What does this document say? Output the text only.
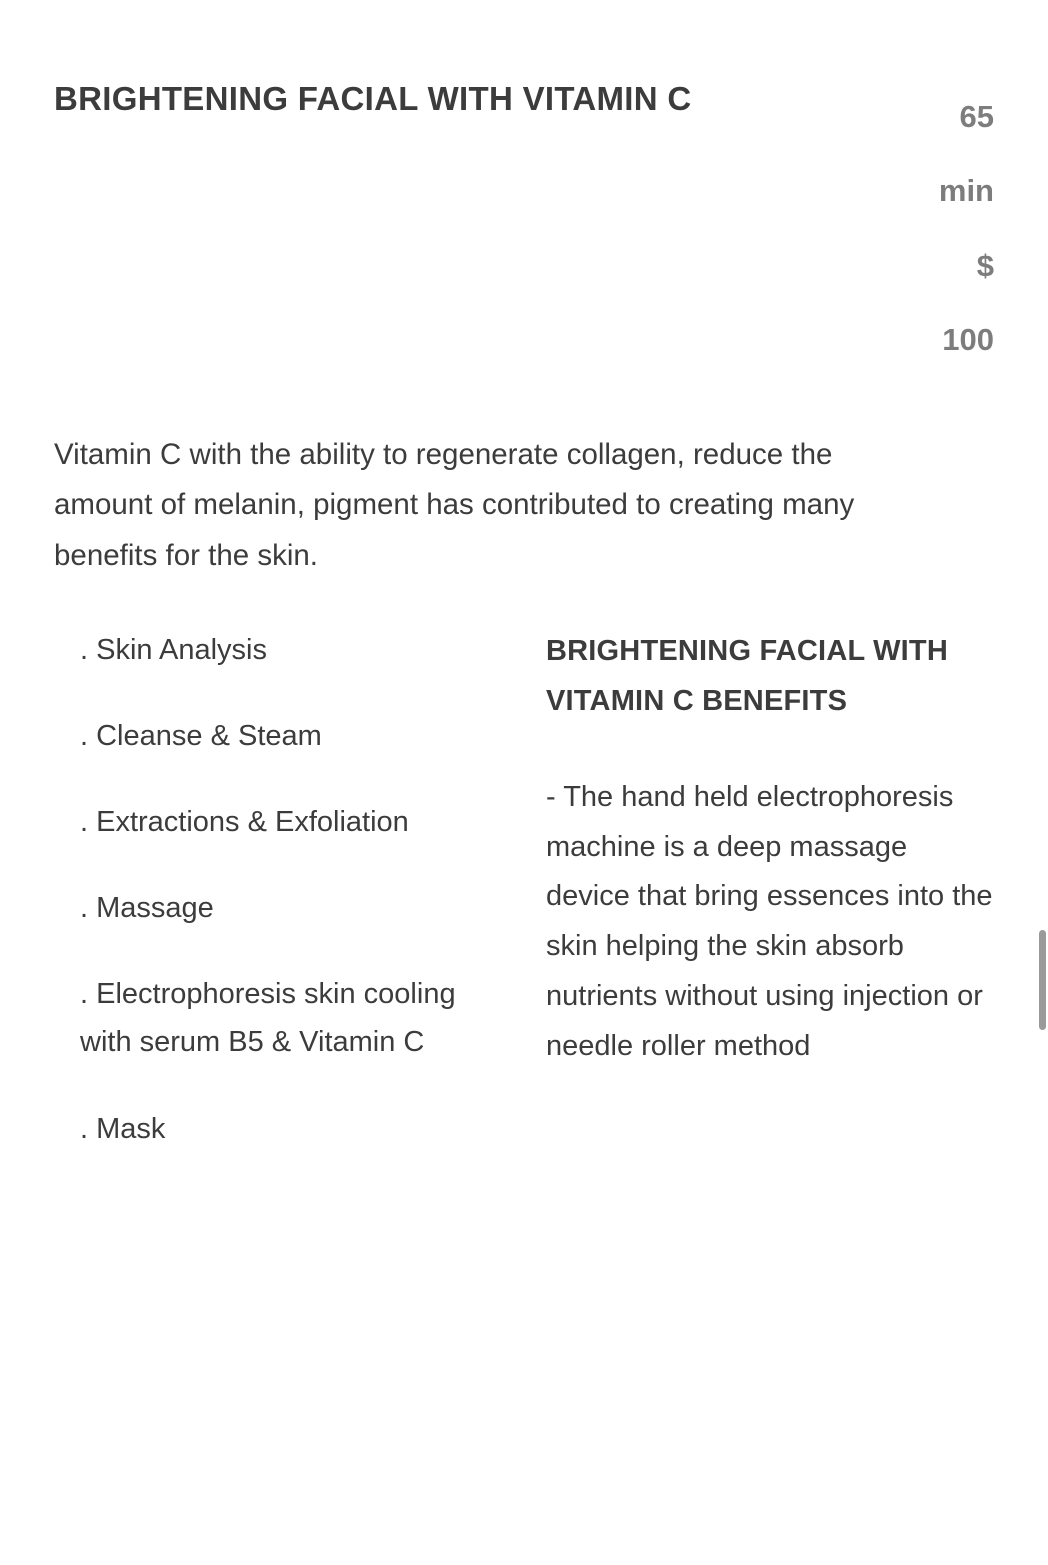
BRIGHTENING FACIAL WITH VITAMIN C	65
min
$
100
Vitamin C with the ability to regenerate collagen, reduce the amount of melanin, pigment has contributed to creating many benefits for the skin.
. Skin Analysis
. Cleanse & Steam
. Extractions & Exfoliation
. Massage
. Electrophoresis skin cooling with serum B5 & Vitamin C
. Mask
BRIGHTENING FACIAL WITH VITAMIN C BENEFITS
- The hand held electrophoresis machine is a deep massage device that bring essences into the skin helping the skin absorb nutrients without using injection or needle roller method
